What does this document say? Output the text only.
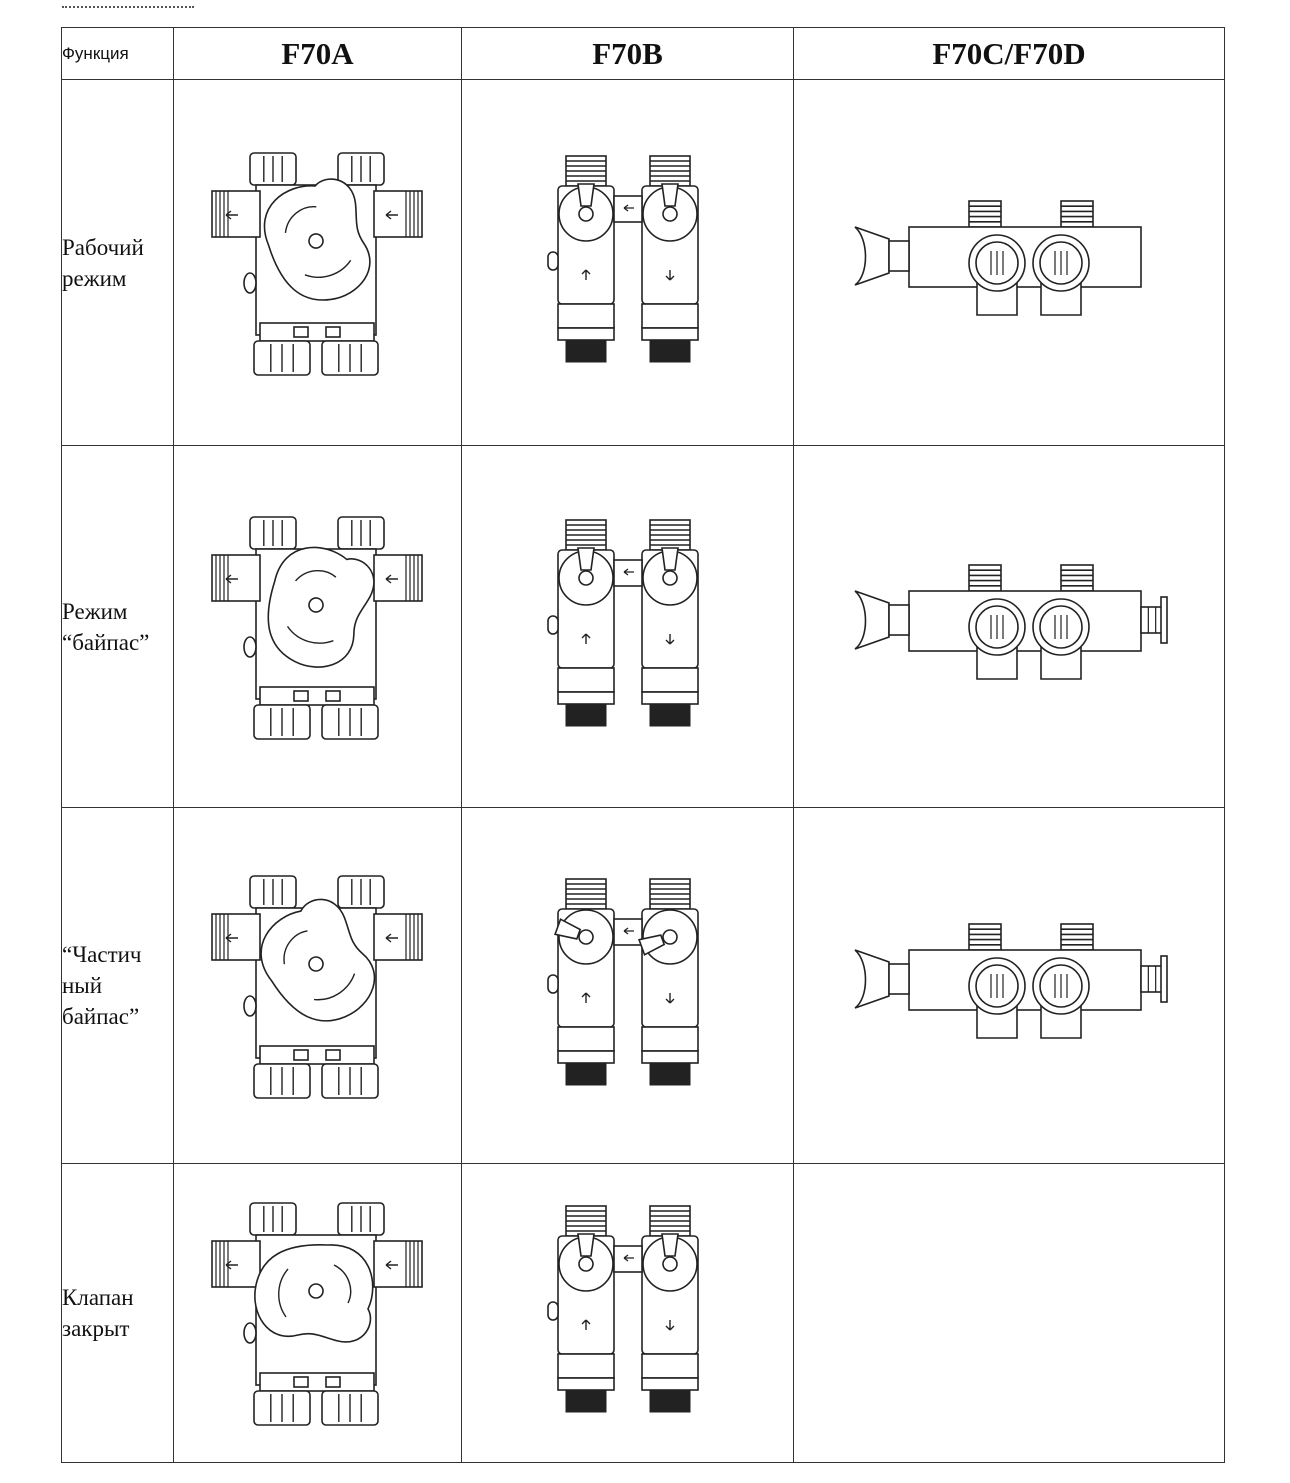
Функция	F70A	F70B	F70C/F70D

Рабочий
режим

Режим
“байпас”

“Частич
ный
байпас”

Клапан
закрыт
